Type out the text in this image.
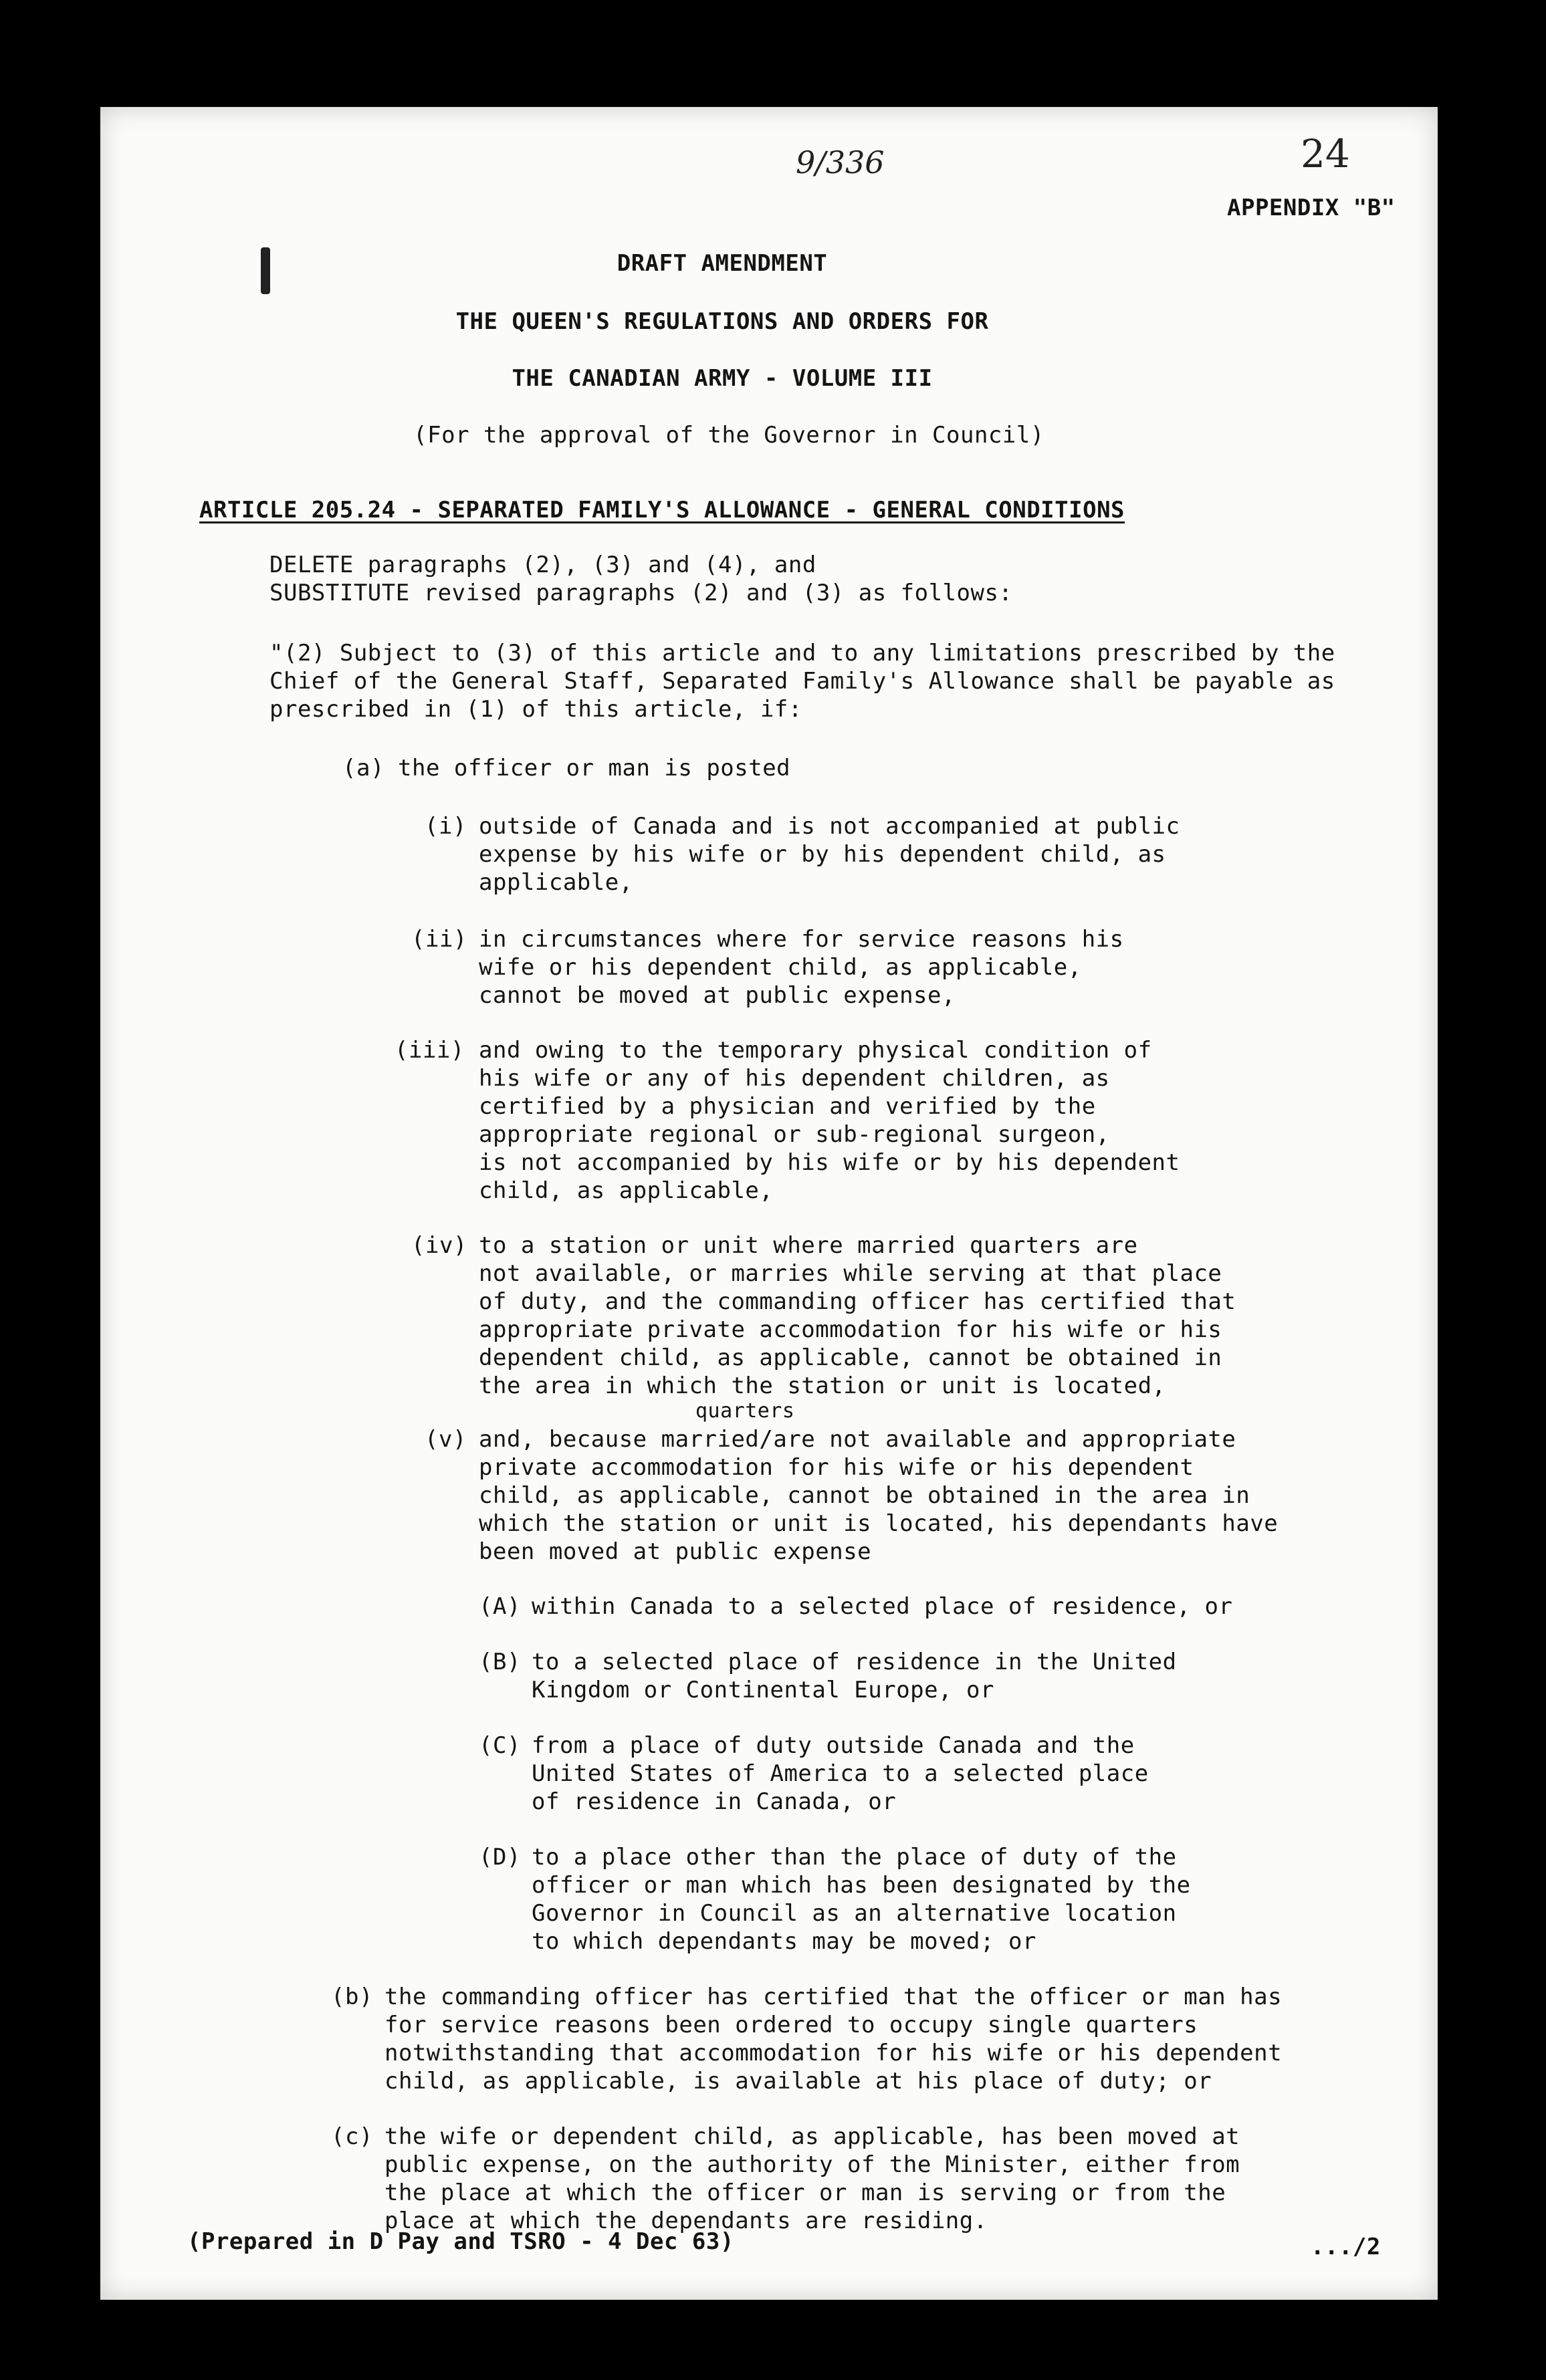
9/336	24
APPENDIX "B"
DRAFT AMENDMENT
THE QUEEN'S REGULATIONS AND ORDERS FOR
THE CANADIAN ARMY - VOLUME III
(For the approval of the Governor in Council)
ARTICLE 205.24 - SEPARATED FAMILY'S ALLOWANCE - GENERAL CONDITIONS
DELETE paragraphs (2), (3) and (4), and
SUBSTITUTE revised paragraphs (2) and (3) as follows:
"(2) Subject to (3) of this article and to any limitations prescribed by the
Chief of the General Staff, Separated Family's Allowance shall be payable as
prescribed in (1) of this article, if:
(a) the officer or man is posted
(i) outside of Canada and is not accompanied at public
expense by his wife or by his dependent child, as
applicable,
(ii) in circumstances where for service reasons his
wife or his dependent child, as applicable,
cannot be moved at public expense,
(iii) and owing to the temporary physical condition of
his wife or any of his dependent children, as
certified by a physician and verified by the
appropriate regional or sub-regional surgeon,
is not accompanied by his wife or by his dependent
child, as applicable,
(iv) to a station or unit where married quarters are
not available, or marries while serving at that place
of duty, and the commanding officer has certified that
appropriate private accommodation for his wife or his
dependent child, as applicable, cannot be obtained in
the area in which the station or unit is located,
quarters
(v) and, because married/are not available and appropriate
private accommodation for his wife or his dependent
child, as applicable, cannot be obtained in the area in
which the station or unit is located, his dependants have
been moved at public expense
(A) within Canada to a selected place of residence, or
(B) to a selected place of residence in the United
Kingdom or Continental Europe, or
(C) from a place of duty outside Canada and the
United States of America to a selected place
of residence in Canada, or
(D) to a place other than the place of duty of the
officer or man which has been designated by the
Governor in Council as an alternative location
to which dependants may be moved; or
(b) the commanding officer has certified that the officer or man has
for service reasons been ordered to occupy single quarters
notwithstanding that accommodation for his wife or his dependent
child, as applicable, is available at his place of duty; or
(c) the wife or dependent child, as applicable, has been moved at
public expense, on the authority of the Minister, either from
the place at which the officer or man is serving or from the
place at which the dependants are residing.
(Prepared in D Pay and TSRO - 4 Dec 63)	.../2
